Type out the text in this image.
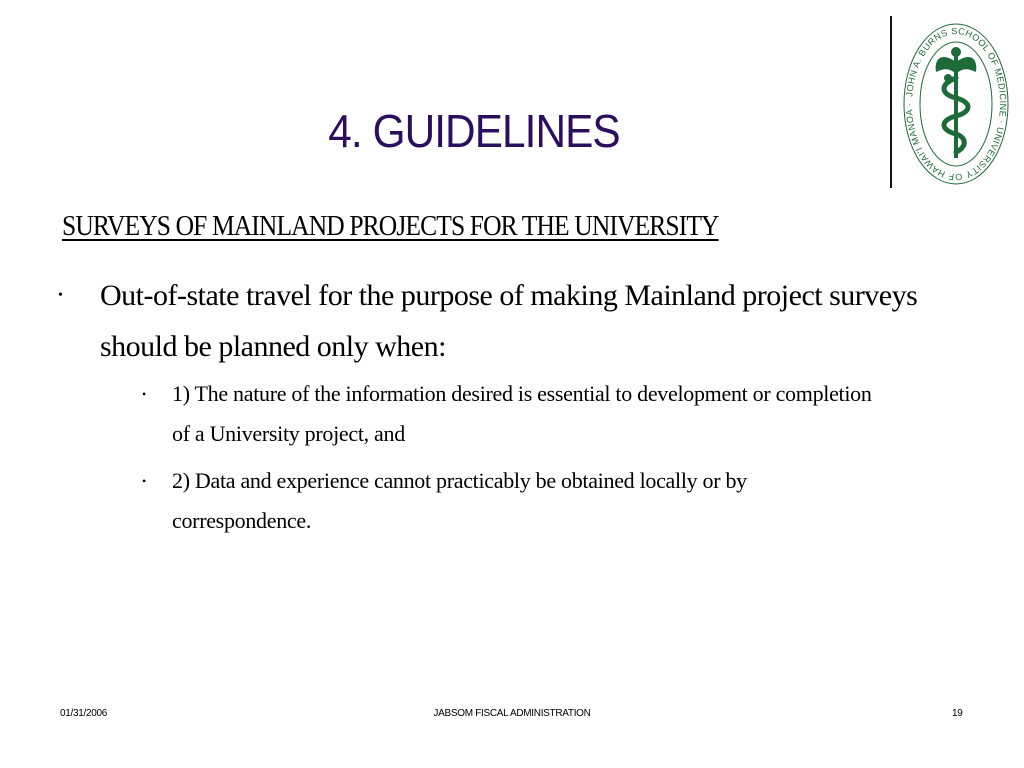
4. GUIDELINES
JOHN A. BURNS SCHOOL OF MEDICINE · UNIVERSITY OF HAWAI'I MANOA ·
SURVEYS OF MAINLAND PROJECTS FOR THE UNIVERSITY
• Out-of-state travel for the purpose of making Mainland project surveys should be planned only when:
• 1) The nature of the information desired is essential to development or completion of a University project, and
• 2) Data and experience cannot practicably be obtained locally or by correspondence.
01/31/2006	JABSOM FISCAL ADMINISTRATION	19
